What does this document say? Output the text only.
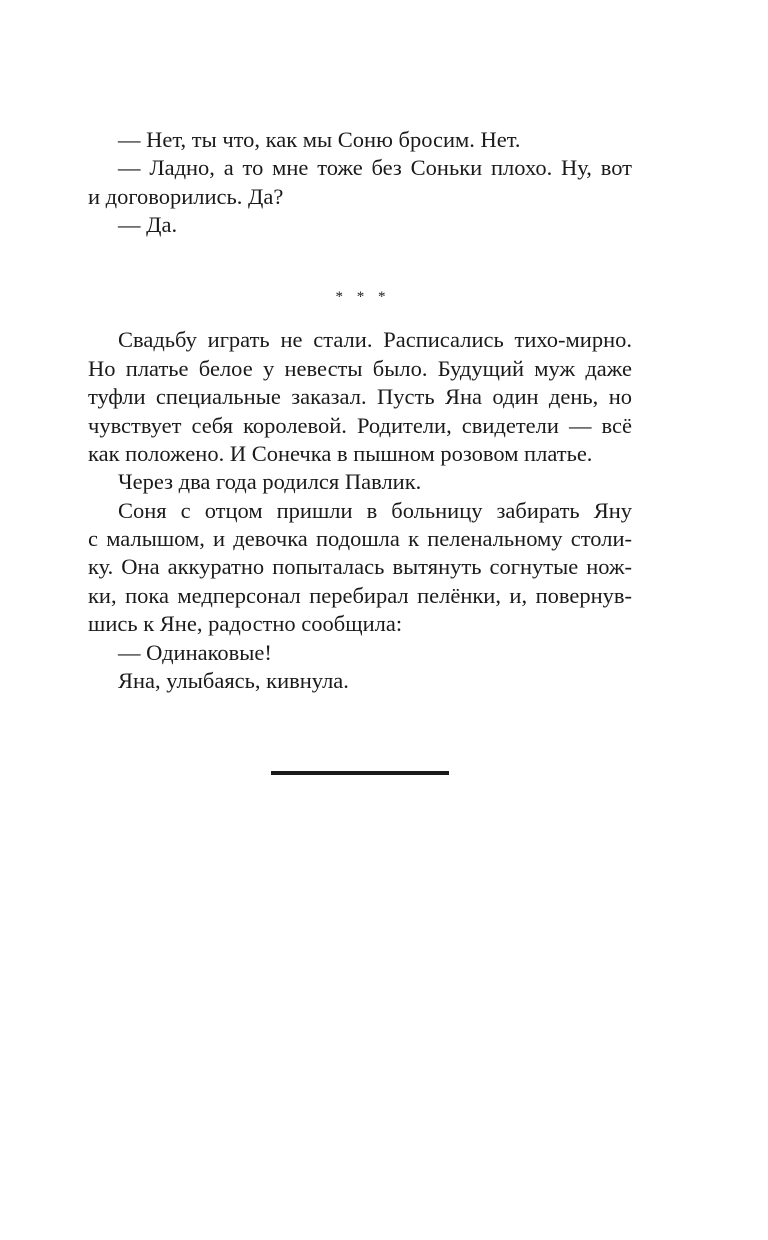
— Нет, ты что, как мы Соню бросим. Нет.

— Ладно, а то мне тоже без Соньки плохо. Ну, вот

и договорились. Да?

— Да.

* * *

Свадьбу играть не стали. Расписались тихо-мирно.

Но платье белое у невесты было. Будущий муж даже

туфли специальные заказал. Пусть Яна один день, но

чувствует себя королевой. Родители, свидетели — всё

как положено. И Сонечка в пышном розовом платье.

Через два года родился Павлик.

Соня с отцом пришли в больницу забирать Яну

с малышом, и девочка подошла к пеленальному столи-

ку. Она аккуратно попыталась вытянуть согнутые нож-

ки, пока медперсонал перебирал пелёнки, и, повернув-

шись к Яне, радостно сообщила:

— Одинаковые!

Яна, улыбаясь, кивнула.
